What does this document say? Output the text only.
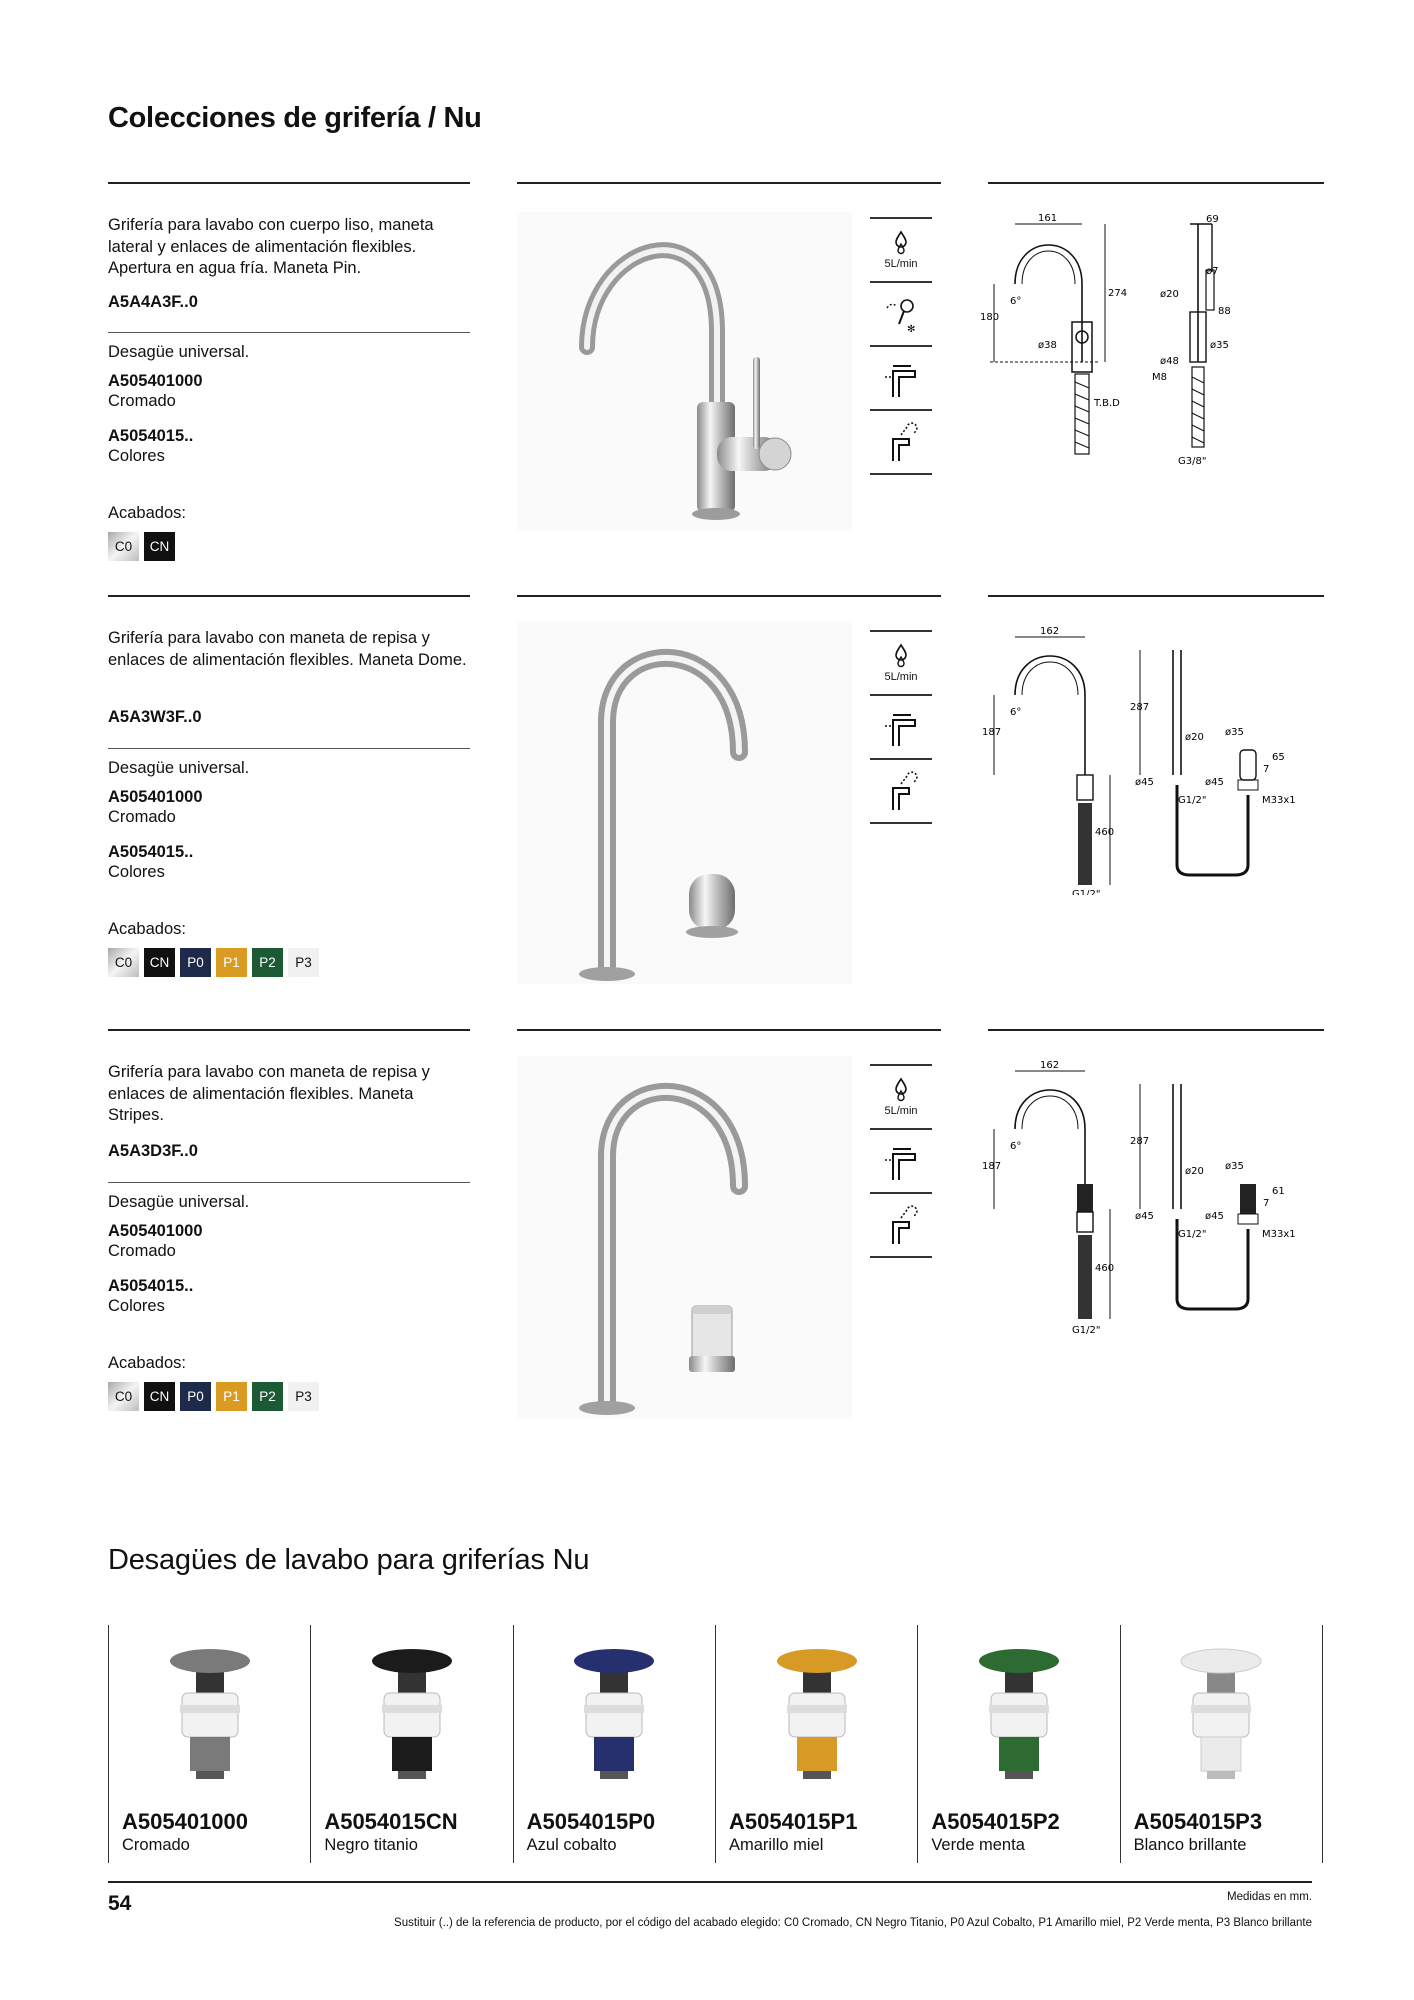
Colecciones de grifería / Nu
Grifería para lavabo con cuerpo liso, maneta lateral y enlaces de alimentación flexibles. Apertura en agua fría. Maneta Pin.
A5A4A3F..0
Desagüe universal.
A505401000
Cromado
A5054015..
Colores
Acabados:
C0	CN
5L/min
✻
161
274
180
6°
ø38
T.B.D
69
ø20
ø7
88
ø35
ø48
M8
G3/8"
Grifería para lavabo con maneta de repisa y enlaces de alimentación flexibles. Maneta Dome.
A5A3W3F..0
Desagüe universal.
A505401000
Cromado
A5054015..
Colores
Acabados:
C0	CN	P0	P1	P2	P3
5L/min
162
187
6°
460
G1/2"
287
ø20
ø45
G1/2"
ø35
65
7
ø45
M33x1
Grifería para lavabo con maneta de repisa y enlaces de alimentación flexibles. Maneta Stripes.
A5A3D3F..0
Desagüe universal.
A505401000
Cromado
A5054015..
Colores
Acabados:
C0	CN	P0	P1	P2	P3
5L/min
162
187
6°
460
G1/2"
287
ø20
ø45
G1/2"
ø35
61
7
ø45
M33x1
Desagües de lavabo para griferías Nu
A505401000
Cromado
A5054015CN
Negro titanio
A5054015P0
Azul cobalto
A5054015P1
Amarillo miel
A5054015P2
Verde menta
A5054015P3
Blanco brillante
54	Medidas en mm.
Sustituir (..) de la referencia de producto, por el código del acabado elegido: C0 Cromado, CN Negro Titanio, P0 Azul Cobalto, P1 Amarillo miel, P2 Verde menta, P3 Blanco brillante
